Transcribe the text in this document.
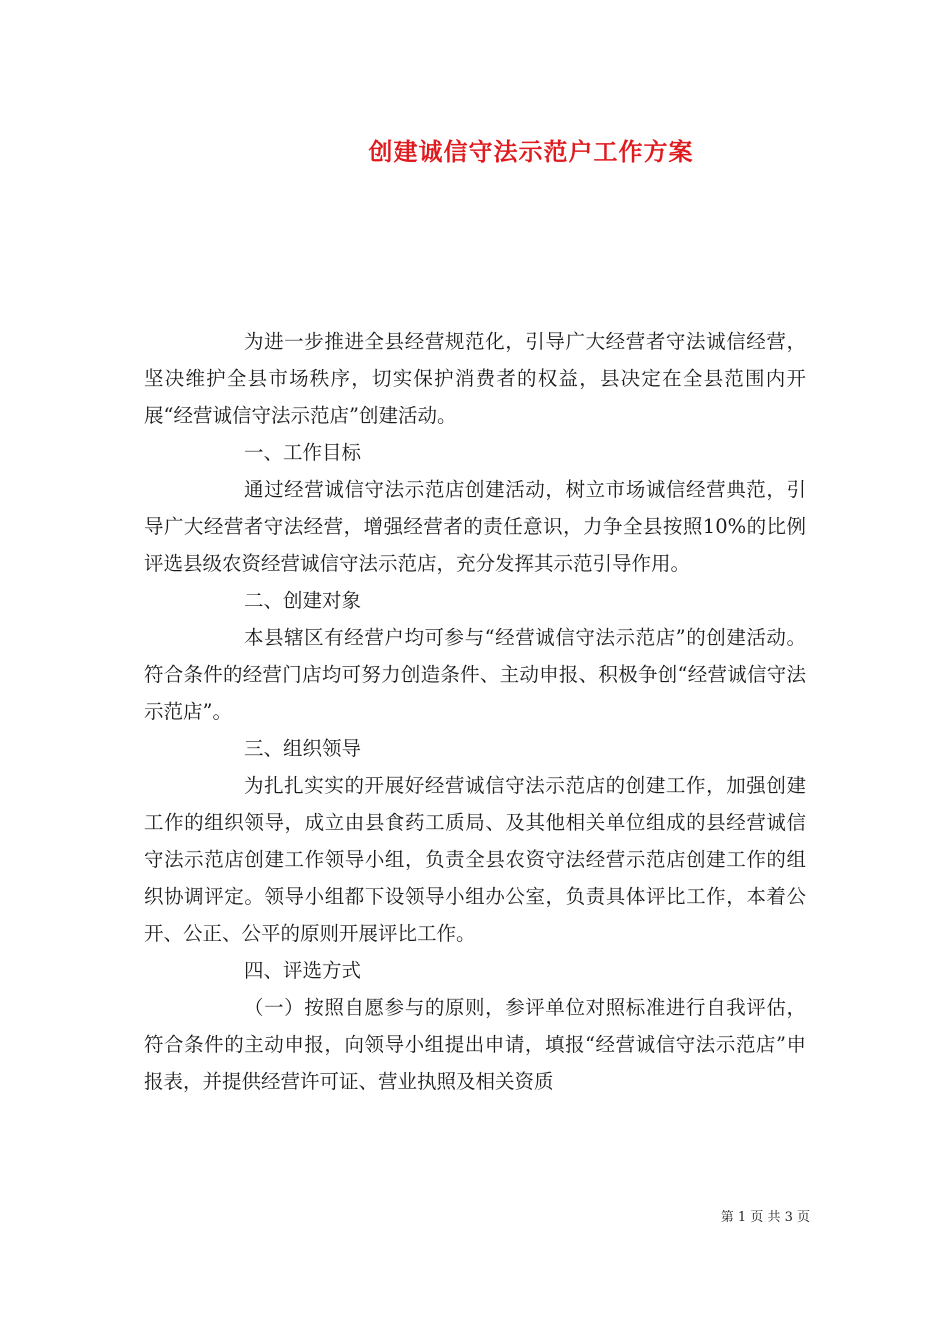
创建诚信守法示范户工作方案

为进一步推进全县经营规范化，引导广大经营者守法诚信经营，坚决维护全县市场秩序，切实保护消费者的权益，县决定在全县范围内开展“经营诚信守法示范店”创建活动。

一、工作目标

通过经营诚信守法示范店创建活动，树立市场诚信经营典范，引导广大经营者守法经营，增强经营者的责任意识，力争全县按照10%的比例评选县级农资经营诚信守法示范店，充分发挥其示范引导作用。

二、创建对象

本县辖区有经营户均可参与“经营诚信守法示范店”的创建活动。符合条件的经营门店均可努力创造条件、主动申报、积极争创“经营诚信守法示范店”。

三、组织领导

为扎扎实实的开展好经营诚信守法示范店的创建工作，加强创建工作的组织领导，成立由县食药工质局、及其他相关单位组成的县经营诚信守法示范店创建工作领导小组，负责全县农资守法经营示范店创建工作的组织协调评定。领导小组都下设领导小组办公室，负责具体评比工作，本着公开、公正、公平的原则开展评比工作。

四、评选方式

（一）按照自愿参与的原则，参评单位对照标准进行自我评估，符合条件的主动申报，向领导小组提出申请，填报“经营诚信守法示范店”申报表，并提供经营许可证、营业执照及相关资质

第 1 页 共 3 页
